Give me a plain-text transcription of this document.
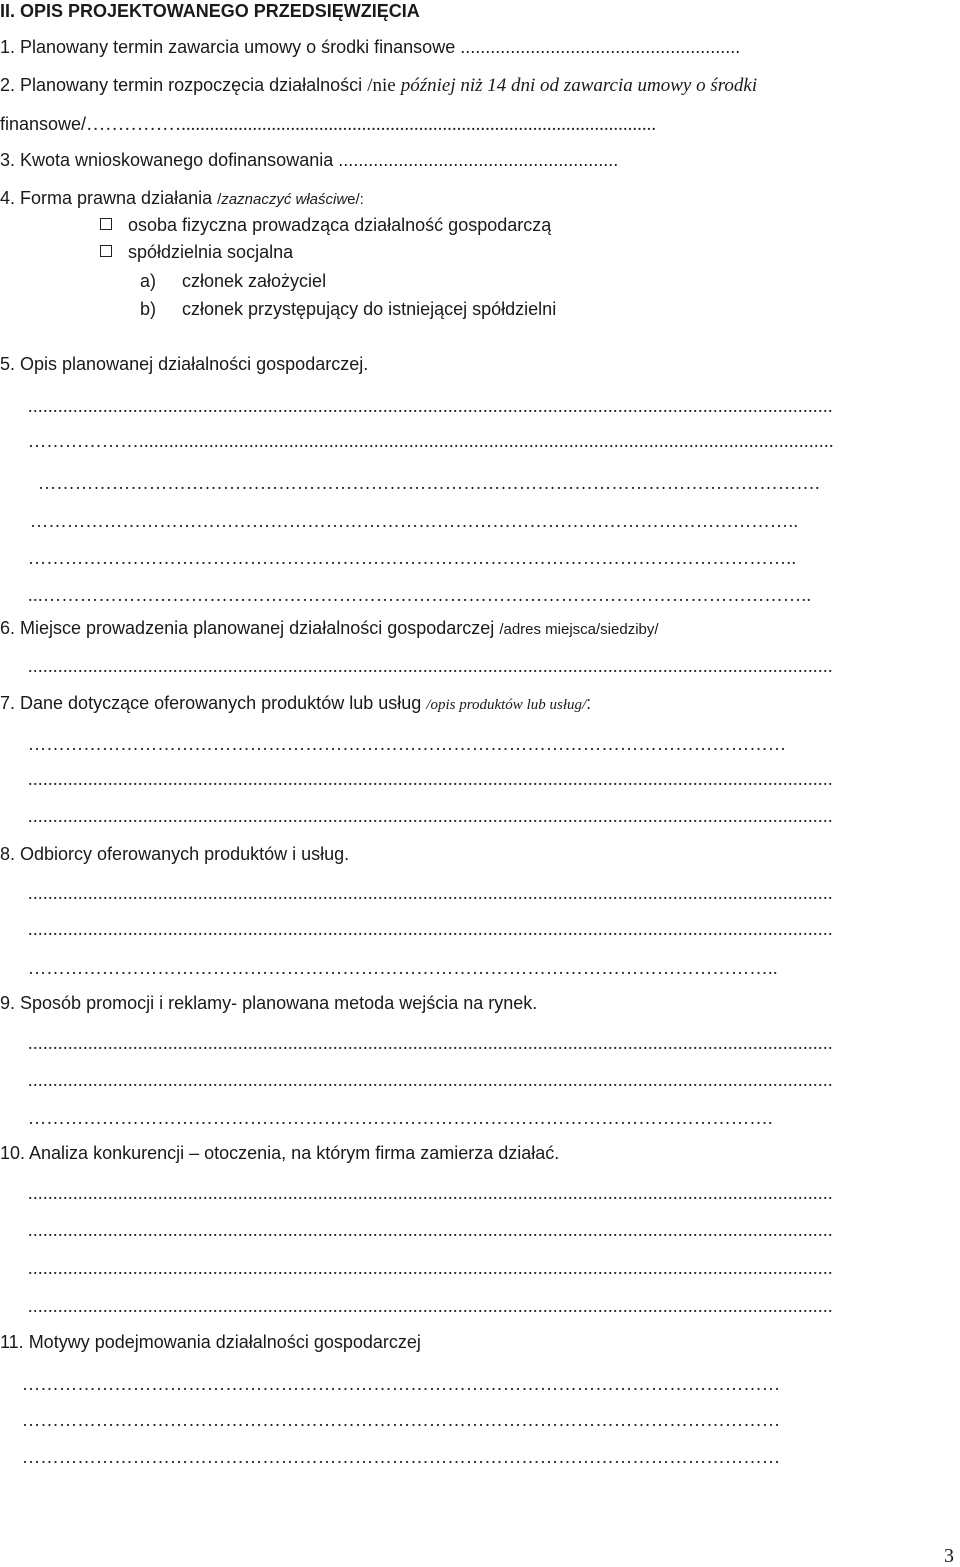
II. OPIS PROJEKTOWANEGO PRZEDSIĘWZIĘCIA
1. Planowany termin zawarcia umowy o środki finansowe ........................................................
2. Planowany termin rozpoczęcia działalności /nie później niż 14 dni od zawarcia umowy o środki
finansowe/……………....................................................................................................
3. Kwota wnioskowanego dofinansowania ........................................................
4. Forma prawna działania /zaznaczyć właściwe/:
osoba fizyczna prowadząca działalność gospodarczą
spółdzielnia socjalna
a) członek założyciel
b) członek przystępujący do istniejącej spółdzielni
5. Opis planowanej działalności gospodarczej.
.................................................................................................................................................................
………………...........................................................................................................................................
……………………………………………………………………………………………………………….
……………………………………………………………………………………………………………..
……………………………………………………………………………………………………………..
...……………………………………………………………………………………………………………..
6. Miejsce prowadzenia planowanej działalności gospodarczej /adres miejsca/siedziby/
.................................................................................................................................................................
7. Dane dotyczące oferowanych produktów lub usług /opis produktów lub usług/:
……………………………………………………………………………………………………………
.................................................................................................................................................................
.................................................................................................................................................................
8. Odbiorcy oferowanych produktów i usług.
.................................................................................................................................................................
.................................................................................................................................................................
…………………………………………………………………………………………………………..
9. Sposób promocji i reklamy- planowana metoda wejścia na rynek.
.................................................................................................................................................................
.................................................................................................................................................................
………………………………………………………………………………………………………….
10. Analiza konkurencji – otoczenia, na którym firma zamierza działać.
.................................................................................................................................................................
.................................................................................................................................................................
.................................................................................................................................................................
.................................................................................................................................................................
11. Motywy podejmowania działalności gospodarczej
……………………………………………………………………………………………………………
……………………………………………………………………………………………………………
……………………………………………………………………………………………………………
3
